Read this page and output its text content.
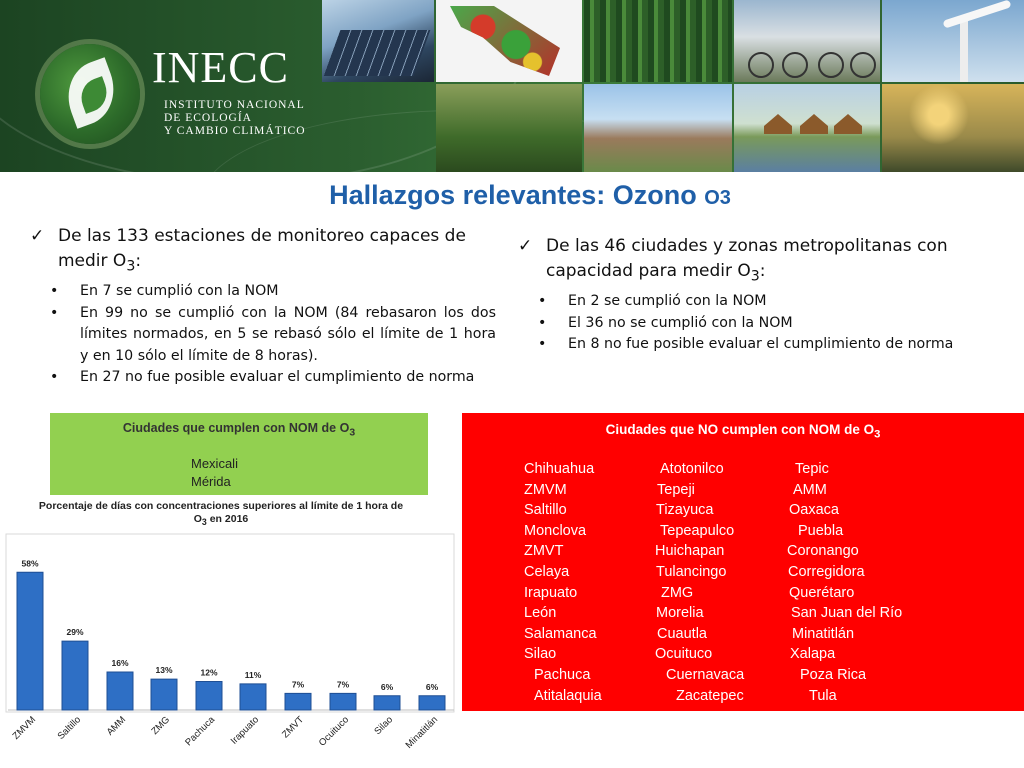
INECC
INSTITUTO NACIONAL
DE ECOLOGÍA
Y CAMBIO CLIMÁTICO
Hallazgos relevantes: Ozono O3
✓ De las 133 estaciones de monitoreo capaces de medir $O_3$:
• En 7 se cumplió con la NOM
• En 99 no se cumplió con la NOM (84 rebasaron los dos límites normados, en 5 se rebasó sólo el límite de 1 hora y en 10 sólo el límite de 8 horas).
• En 27 no fue posible evaluar el cumplimiento de norma
✓ De las 46 ciudades y zonas metropolitanas con capacidad para medir $O_3$:
• En 2 se cumplió con la NOM
• El 36 no se cumplió con la NOM
• En 8 no fue posible evaluar el cumplimiento de norma
Ciudades que cumplen con NOM de $O_3$
Mexicali
Mérida
Ciudades que NO cumplen con NOM de $O_3$
Chihuahua
ZMVM
Saltillo
Monclova
ZMVT
Celaya
Irapuato
León
Salamanca
Silao
Pachuca
Atitalaquia
Atotonilco
Tepeji
Tizayuca
Tepeapulco
Huichapan
Tulancingo
ZMG
Morelia
Cuautla
Ocuituco
Cuernavaca
Zacatepec
Tepic
AMM
Oaxaca
Puebla
Coronango
Corregidora
Querétaro
San Juan del Río
Minatitlán
Xalapa
Poza Rica
Tula
Porcentaje de días con concentraciones superiores al límite de 1 hora de
$O_3$ en 2016
58%
ZMVM
29%
Saltillo
16%
AMM
13%
ZMG
12%
Pachuca
11%
Irapuato
7%
ZMVT
7%
Ocuituco
6%
Silao
6%
Minatitlán
